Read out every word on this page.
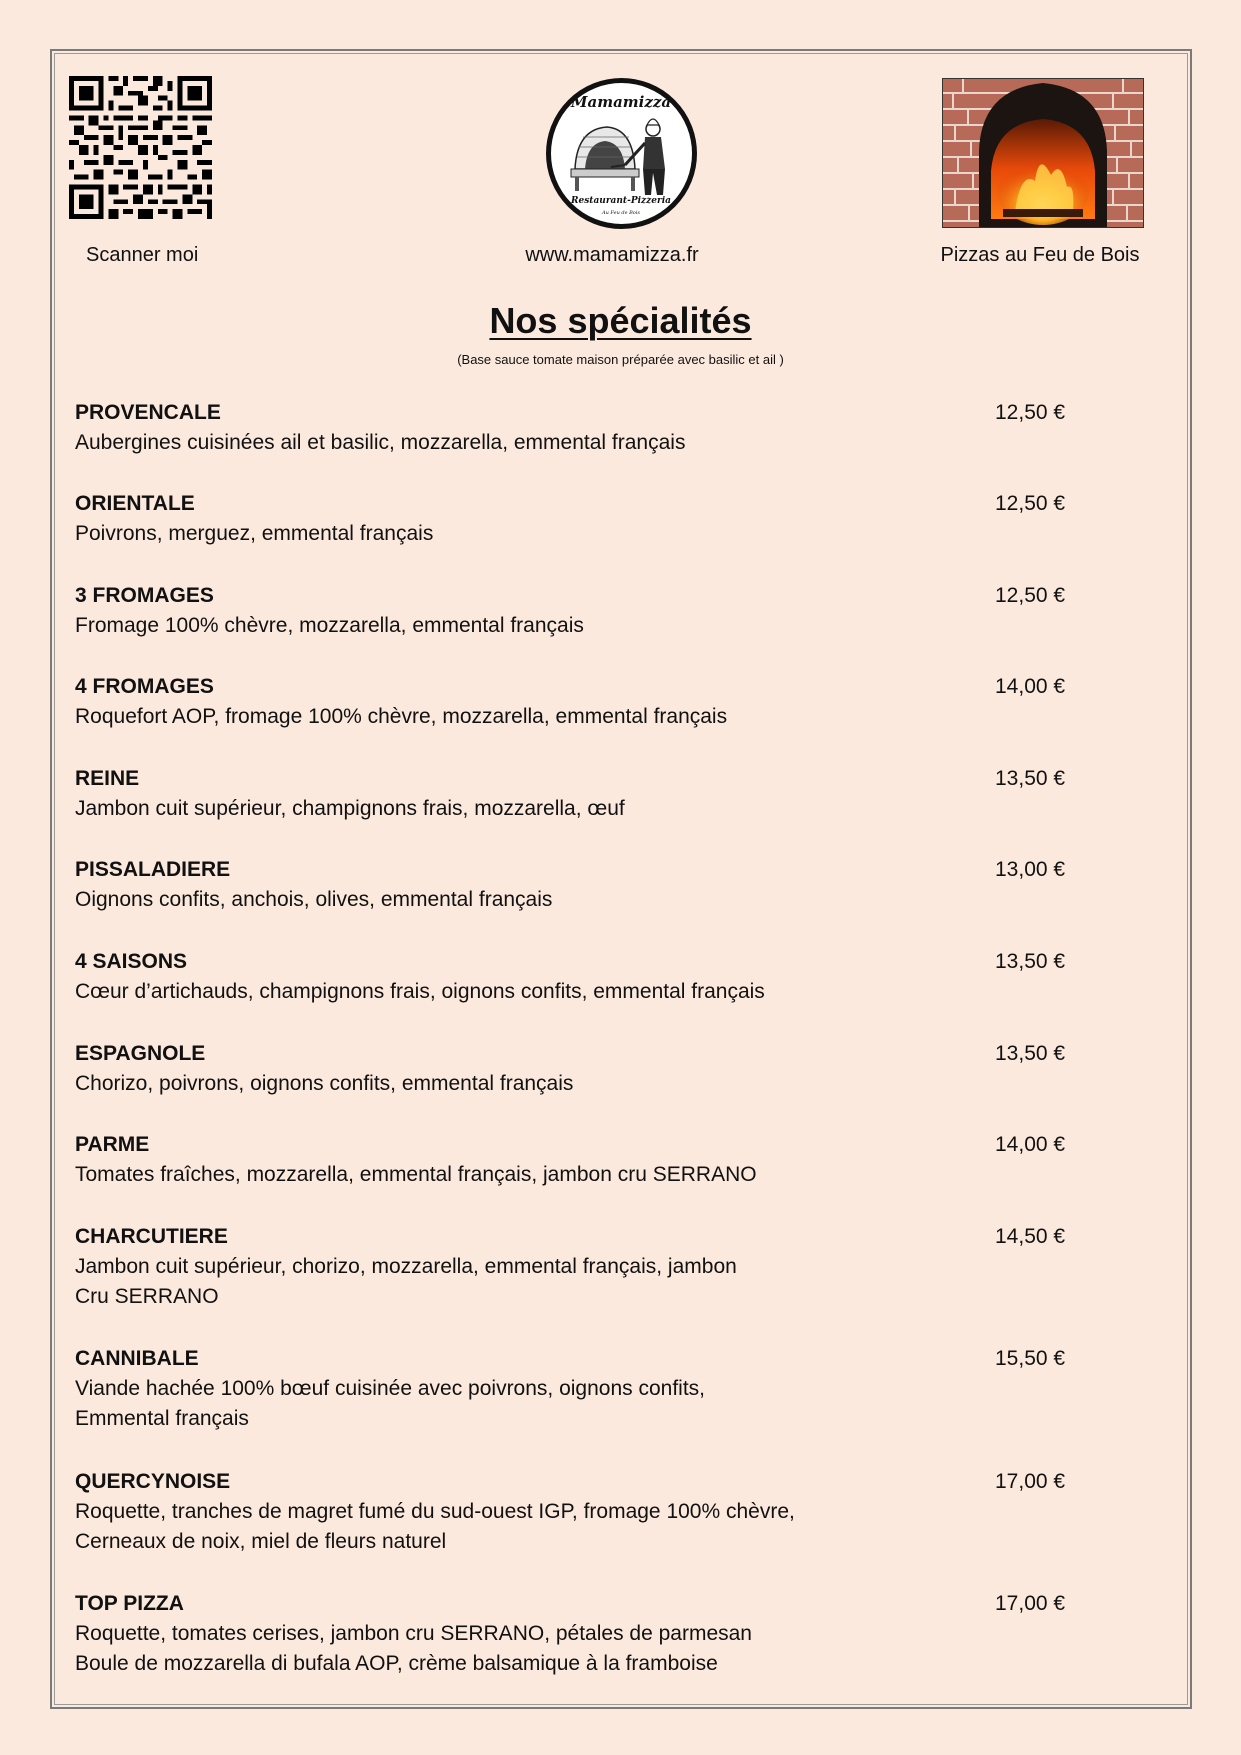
Mamamizza
Restaurant-Pizzeria
Au Feu de Bois
Scanner moi	www.mamamizza.fr	Pizzas au Feu de Bois
Nos spécialités
(Base sauce tomate maison préparée avec basilic et ail )
PROVENCALE
Aubergines cuisinées ail et basilic, mozzarella, emmental français
12,50 €
ORIENTALE
Poivrons, merguez, emmental français
12,50 €
3 FROMAGES
Fromage 100% chèvre, mozzarella, emmental français
12,50 €
4 FROMAGES
Roquefort AOP, fromage 100% chèvre, mozzarella, emmental français
14,00 €
REINE
Jambon cuit supérieur, champignons frais, mozzarella, œuf
13,50 €
PISSALADIERE
Oignons confits, anchois, olives, emmental français
13,00 €
4 SAISONS
Cœur d’artichauds, champignons frais, oignons confits, emmental français
13,50 €
ESPAGNOLE
Chorizo, poivrons, oignons confits, emmental français
13,50 €
PARME
Tomates fraîches, mozzarella, emmental français, jambon cru SERRANO
14,00 €
CHARCUTIERE
Jambon cuit supérieur, chorizo, mozzarella, emmental français, jambon
Cru SERRANO
14,50 €
CANNIBALE
Viande hachée 100% bœuf cuisinée avec poivrons, oignons confits,
Emmental français
15,50 €
QUERCYNOISE
Roquette, tranches de magret fumé du sud-ouest IGP, fromage 100% chèvre,
Cerneaux de noix, miel de fleurs naturel
17,00 €
TOP PIZZA
Roquette, tomates cerises, jambon cru SERRANO, pétales de parmesan
Boule de mozzarella di bufala AOP, crème balsamique à la framboise
17,00 €
